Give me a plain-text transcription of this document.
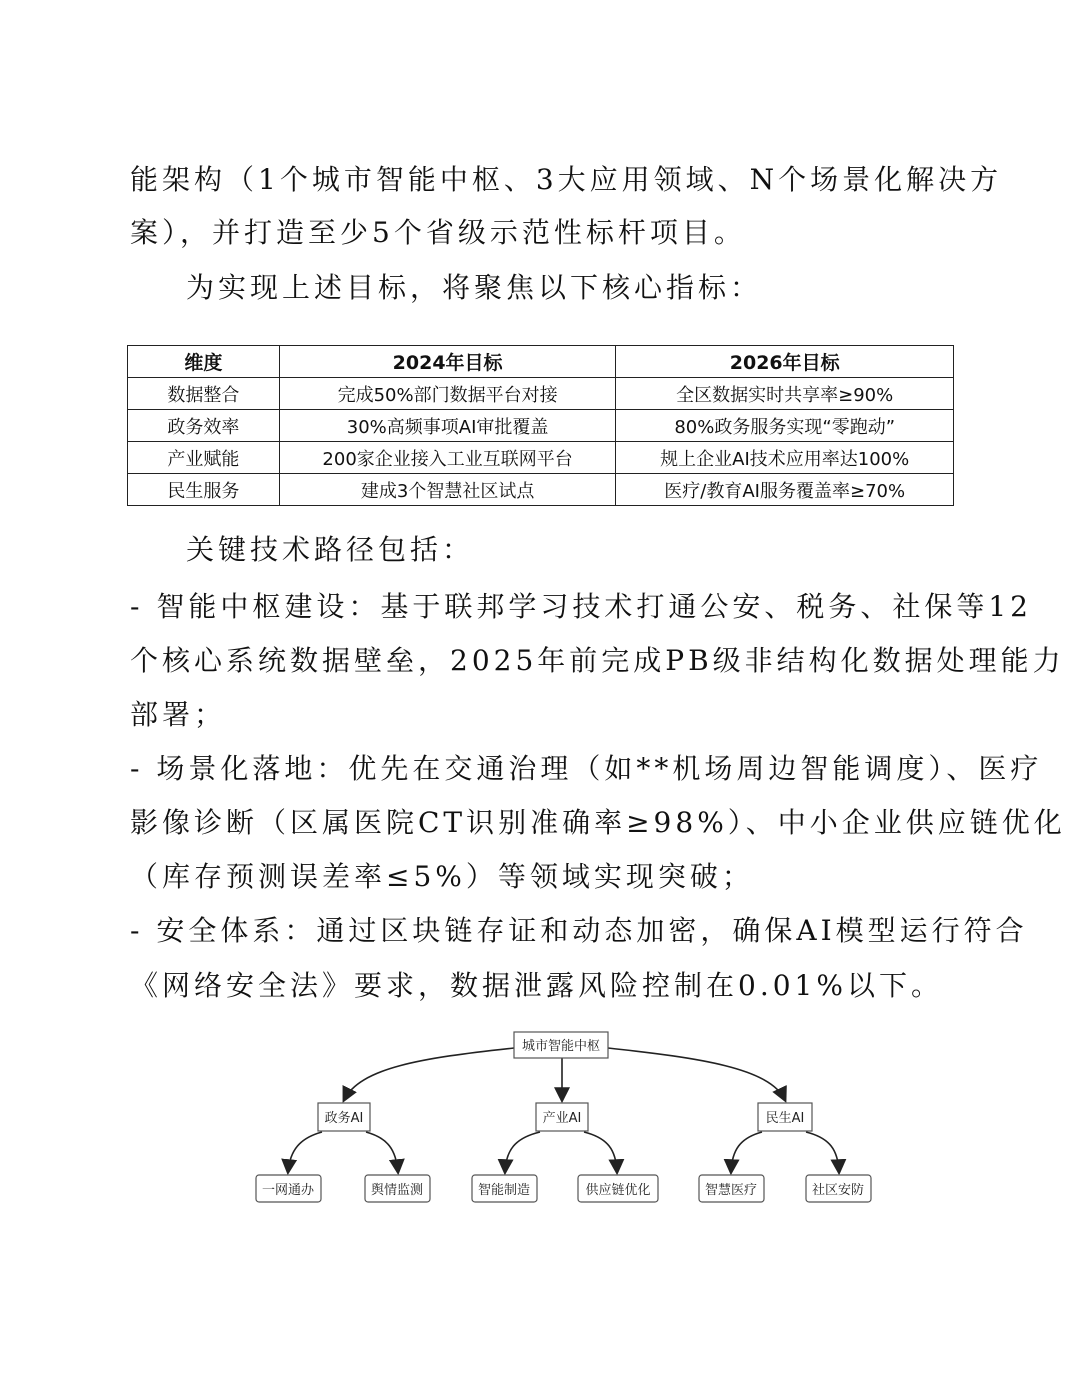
能架构（1个城市智能中枢、3大应用领域、N个场景化解决方
案），并打造至少5个省级示范性标杆项目。
为实现上述目标，将聚焦以下核心指标：
维度	2024年目标	2026年目标
数据整合	完成50%部门数据平台对接	全区数据实时共享率≥90%
政务效率	30%高频事项AI审批覆盖	80%政务服务实现“零跑动”
产业赋能	200家企业接入工业互联网平台	规上企业AI技术应用率达100%
民生服务	建成3个智慧社区试点	医疗/教育AI服务覆盖率≥70%
关键技术路径包括：
- 智能中枢建设：基于联邦学习技术打通公安、税务、社保等12
个核心系统数据壁垒，2025年前完成PB级非结构化数据处理能力
部署；
- 场景化落地：优先在交通治理（如**机场周边智能调度）、医疗
影像诊断（区属医院CT识别准确率≥98%）、中小企业供应链优化
（库存预测误差率≤5%）等领域实现突破；
- 安全体系：通过区块链存证和动态加密，确保AI模型运行符合
《网络安全法》要求，数据泄露风险控制在0.01%以下。
城市智能中枢
政务AI	产业AI	民生AI
一网通办	舆情监测	智能制造	供应链优化	智慧医疗	社区安防
